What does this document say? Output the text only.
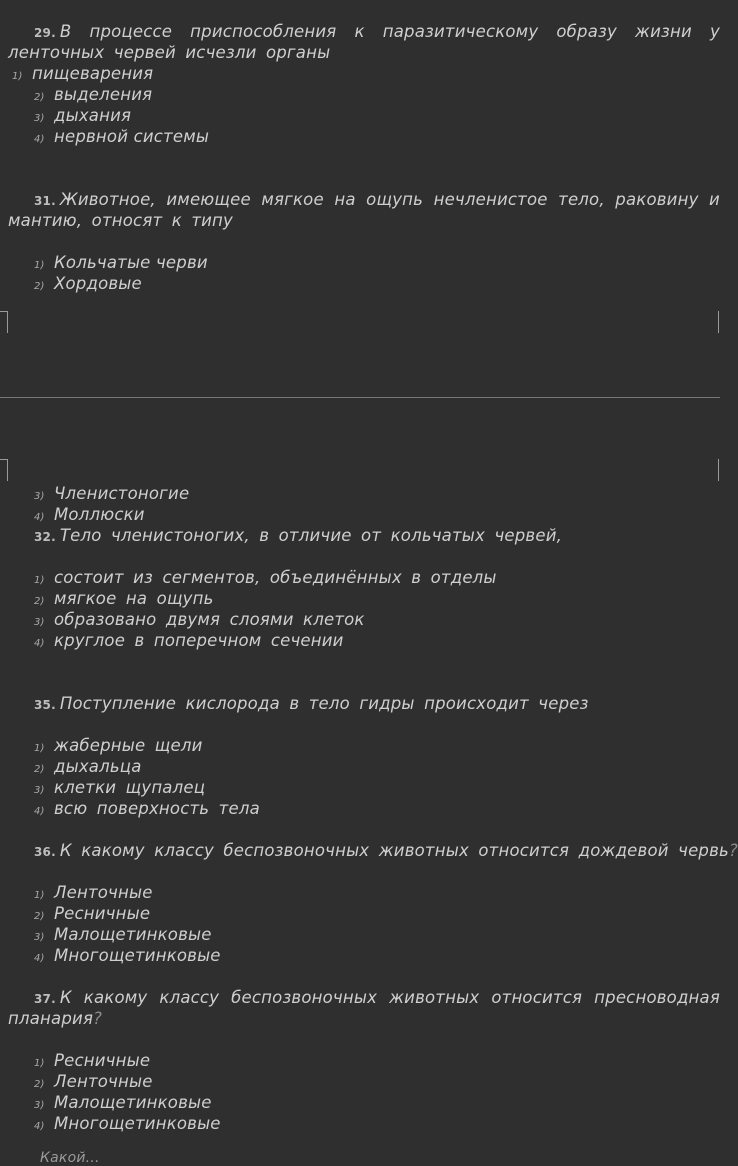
29. В процессе приспособления к паразитическому образу жизни у
ленточных червей исчезли органы
1) пищеварения
2) выделения
3) дыхания
4) нервной системы
31. Животное, имеющее мягкое на ощупь нечленистое тело, раковину и
мантию, относят к типу
1) Кольчатые черви
2) Хордовые
3) Членистоногие
4) Моллюски
32. Тело членистоногих, в отличие от кольчатых червей,
1) состоит из сегментов, объединённых в отделы
2) мягкое на ощупь
3) образовано двумя слоями клеток
4) круглое в поперечном сечении
35. Поступление кислорода в тело гидры происходит через
1) жаберные щели
2) дыхальца
3) клетки щупалец
4) всю поверхность тела
36. К какому классу беспозвоночных животных относится дождевой червь?
1) Ленточные
2) Ресничные
3) Малощетинковые
4) Многощетинковые
37. К какому классу беспозвоночных животных относится пресноводная
планария?
1) Ресничные
2) Ленточные
3) Малощетинковые
4) Многощетинковые
Какой...
